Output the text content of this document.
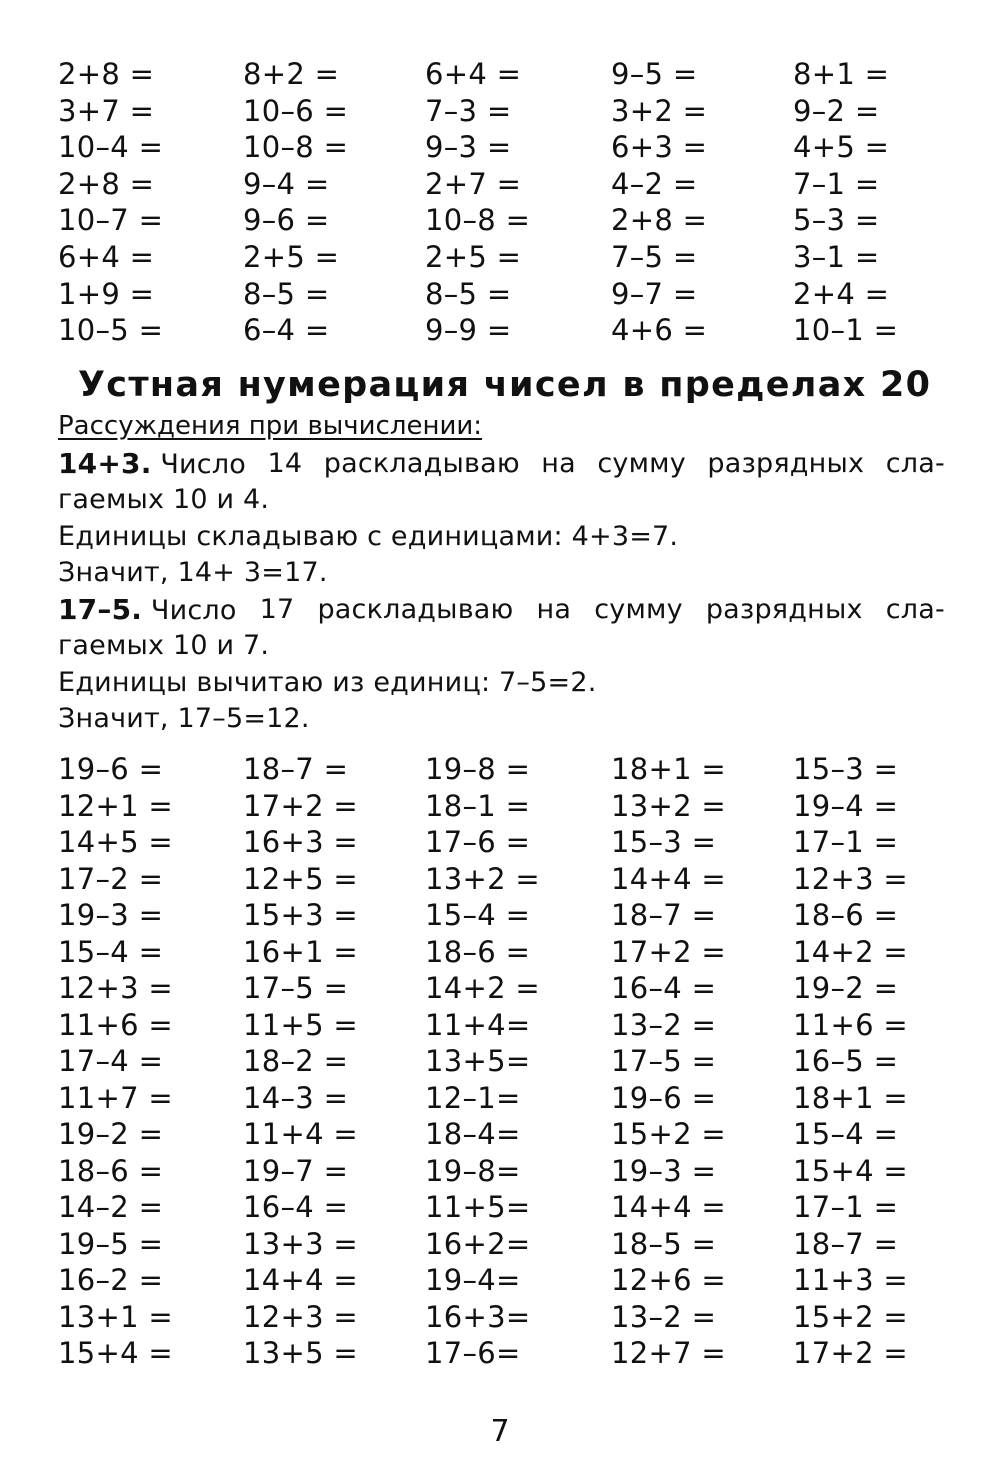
2+8 =	8+2 =	6+4 =	9–5 =	8+1 =
3+7 =	10–6 =	7–3 =	3+2 =	9–2 =
10–4 =	10–8 =	9–3 =	6+3 =	4+5 =
2+8 =	9–4 =	2+7 =	4–2 =	7–1 =
10–7 =	9–6 =	10–8 =	2+8 =	5–3 =
6+4 =	2+5 =	2+5 =	7–5 =	3–1 =
1+9 =	8–5 =	8–5 =	9–7 =	2+4 =
10–5 =	6–4 =	9–9 =	4+6 =	10–1 =
Устная нумерация чисел в пределах 20
Рассуждения при вычислении:
14+3. Число 14 раскладываю на сумму разрядных сла-
гаемых 10 и 4.
Единицы складываю с единицами: 4+3=7.
Значит, 14+ 3=17.
17–5. Число 17 раскладываю на сумму разрядных сла-
гаемых 10 и 7.
Единицы вычитаю из единиц: 7–5=2.
Значит, 17–5=12.
19–6 =	18–7 =	19–8 =	18+1 = 15–3 =
12+1 = 17+2 = 18–1 =	13+2 = 19–4 =
14+5 = 16+3 = 17–6 =	15–3 =	17–1 =
17–2 =	12+5 = 13+2 = 14+4 = 12+3 =
19–3 =	15+3 = 15–4 =	18–7 =	18–6 =
15–4 =	16+1 = 18–6 =	17+2 = 14+2 =
12+3 = 17–5 =	14+2 = 16–4 =	19–2 =
11+6 = 11+5 = 11+4=	13–2 =	11+6 =
17–4 =	18–2 =	13+5=	17–5 =	16–5 =
11+7 = 14–3 =	12–1=	19–6 =	18+1 =
19–2 =	11+4 = 18–4=	15+2 = 15–4 =
18–6 =	19–7 =	19–8=	19–3 =	15+4 =
14–2 =	16–4 =	11+5=	14+4 = 17–1 =
19–5 =	13+3 = 16+2=	18–5 =	18–7 =
16–2 =	14+4 = 19–4=	12+6 = 11+3 =
13+1 = 12+3 = 16+3=	13–2 =	15+2 =
15+4 = 13+5 = 17–6=	12+7 = 17+2 =
7
